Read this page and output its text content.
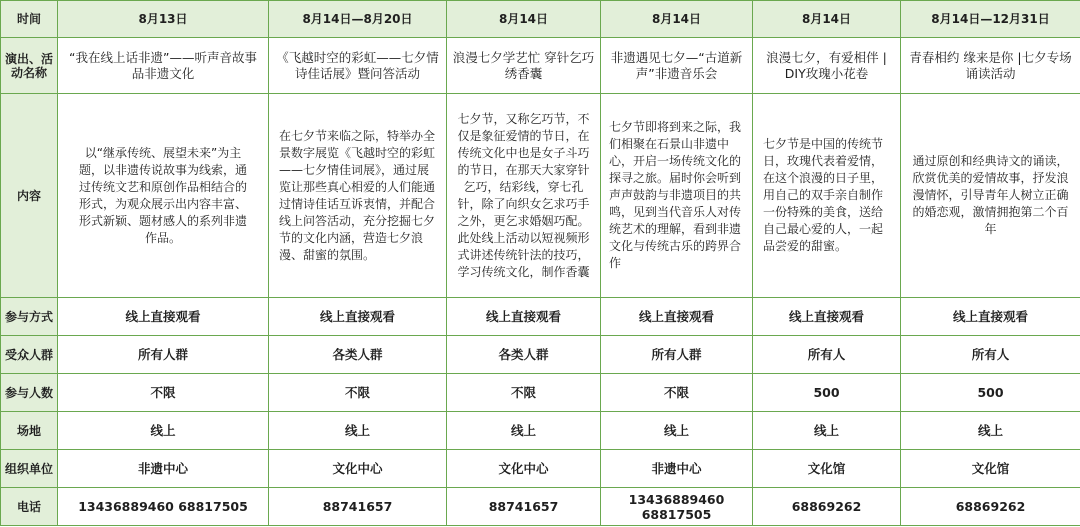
时间	8月13日	8月14日—8月20日	8月14日	8月14日	8月14日	8月14日—12月31日
演出、活动名称	“我在线上话非遗”——听声音故事 品非遗文化	《飞越时空的彩虹——七夕情诗佳话展》暨问答活动	浪漫七夕学艺忙 穿针乞巧绣香囊	非遗遇见七夕—“古道新声”非遗音乐会	浪漫七夕，有爱相伴 | DIY玫瑰小花卷	青春相约 缘来是你 |七夕专场诵读活动
内容	以“继承传统、展望未来”为主题，以非遗传说故事为线索，通过传统文艺和原创作品相结合的形式，为观众展示出内容丰富、形式新颖、题材感人的系列非遗作品。	在七夕节来临之际，特举办全景数字展览《飞越时空的彩虹——七夕情佳词展》，通过展览让那些真心相爱的人们能通过情诗佳话互诉衷情，并配合线上问答活动，充分挖掘七夕节的文化内涵，营造七夕浪漫、甜蜜的氛围。	七夕节，又称乞巧节，不仅是象征爱情的节日，在传统文化中也是女子斗巧的节日，在那天大家穿针乞巧，结彩线，穿七孔针，除了向织女乞求巧手之外，更乞求婚姻巧配。此处线上活动以短视频形式讲述传统针法的技巧，学习传统文化，制作香囊	七夕节即将到来之际，我们相聚在石景山非遗中心，开启一场传统文化的探寻之旅。届时你会听到声声鼓韵与非遗项目的共鸣，见到当代音乐人对传统艺术的理解，看到非遗文化与传统古乐的跨界合作	七夕节是中国的传统节日，玫瑰代表着爱情，在这个浪漫的日子里，用自己的双手亲自制作一份特殊的美食，送给自己最心爱的人，一起品尝爱的甜蜜。	通过原创和经典诗文的诵读，欣赏优美的爱情故事，抒发浪漫情怀，引导青年人树立正确的婚恋观，激情拥抱第二个百年
参与方式	线上直接观看	线上直接观看	线上直接观看	线上直接观看	线上直接观看	线上直接观看
受众人群	所有人群	各类人群	各类人群	所有人群	所有人	所有人
参与人数	不限	不限	不限	不限	500	500
场地	线上	线上	线上	线上	线上	线上
组织单位	非遗中心	文化中心	文化中心	非遗中心	文化馆	文化馆
电话	13436889460 68817505	88741657	88741657	13436889460 68817505	68869262	68869262
